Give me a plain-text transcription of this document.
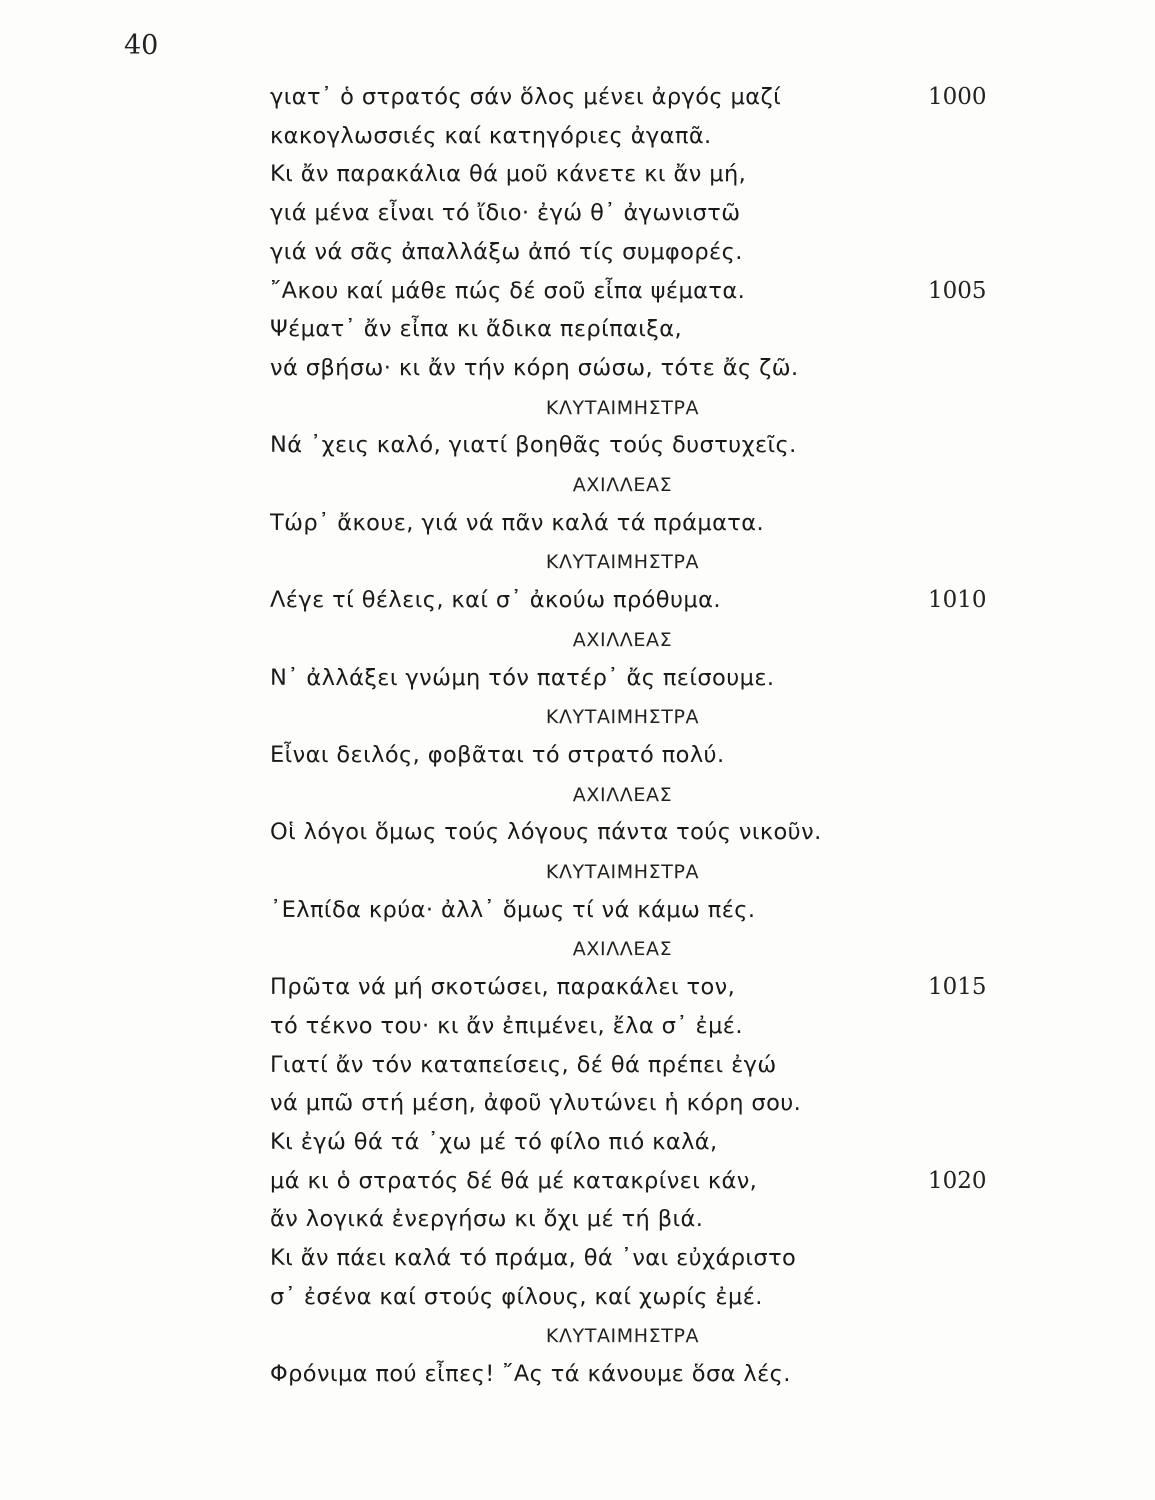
40
γιατ᾽ ὁ στρατός σάν ὅλος μένει ἀργός μαζί	1000
κακογλωσσιές καί κατηγόριες ἀγαπᾶ.
Κι ἄν παρακάλια θά μοῦ κάνετε κι ἄν μή,
γιά μένα εἶναι τό ἴδιο· ἐγώ θ᾽ ἀγωνιστῶ
γιά νά σᾶς ἀπαλλάξω ἀπό τίς συμφορές.
῎Ακου καί μάθε πώς δέ σοῦ εἶπα ψέματα.	1005
Ψέματ᾽ ἄν εἶπα κι ἄδικα περίπαιξα,
νά σβήσω· κι ἄν τήν κόρη σώσω, τότε ἄς ζῶ.
ΚΛΥΤΑΙΜΗΣΤΡΑ
Νά ᾽χεις καλό, γιατί βοηθᾶς τούς δυστυχεῖς.
ΑΧΙΛΛΕΑΣ
Τώρ᾽ ἄκουε, γιά νά πᾶν καλά τά πράματα.
ΚΛΥΤΑΙΜΗΣΤΡΑ
Λέγε τί θέλεις, καί σ᾽ ἀκούω πρόθυμα.	1010
ΑΧΙΛΛΕΑΣ
Ν᾽ ἀλλάξει γνώμη τόν πατέρ᾽ ἄς πείσουμε.
ΚΛΥΤΑΙΜΗΣΤΡΑ
Εἶναι δειλός, φοβᾶται τό στρατό πολύ.
ΑΧΙΛΛΕΑΣ
Οἱ λόγοι ὅμως τούς λόγους πάντα τούς νικοῦν.
ΚΛΥΤΑΙΜΗΣΤΡΑ
᾽Ελπίδα κρύα· ἀλλ᾽ ὅμως τί νά κάμω πές.
ΑΧΙΛΛΕΑΣ
Πρῶτα νά μή σκοτώσει, παρακάλει τον,	1015
τό τέκνο του· κι ἄν ἐπιμένει, ἔλα σ᾽ ἐμέ.
Γιατί ἄν τόν καταπείσεις, δέ θά πρέπει ἐγώ
νά μπῶ στή μέση, ἀφοῦ γλυτώνει ἡ κόρη σου.
Κι ἐγώ θά τά ᾽χω μέ τό φίλο πιό καλά,
μά κι ὁ στρατός δέ θά μέ κατακρίνει κάν,	1020
ἄν λογικά ἐνεργήσω κι ὄχι μέ τή βιά.
Κι ἄν πάει καλά τό πράμα, θά ᾽ναι εὐχάριστο
σ᾽ ἐσένα καί στούς φίλους, καί χωρίς ἐμέ.
ΚΛΥΤΑΙΜΗΣΤΡΑ
Φρόνιμα πού εἶπες! ῎Ας τά κάνουμε ὅσα λές.
